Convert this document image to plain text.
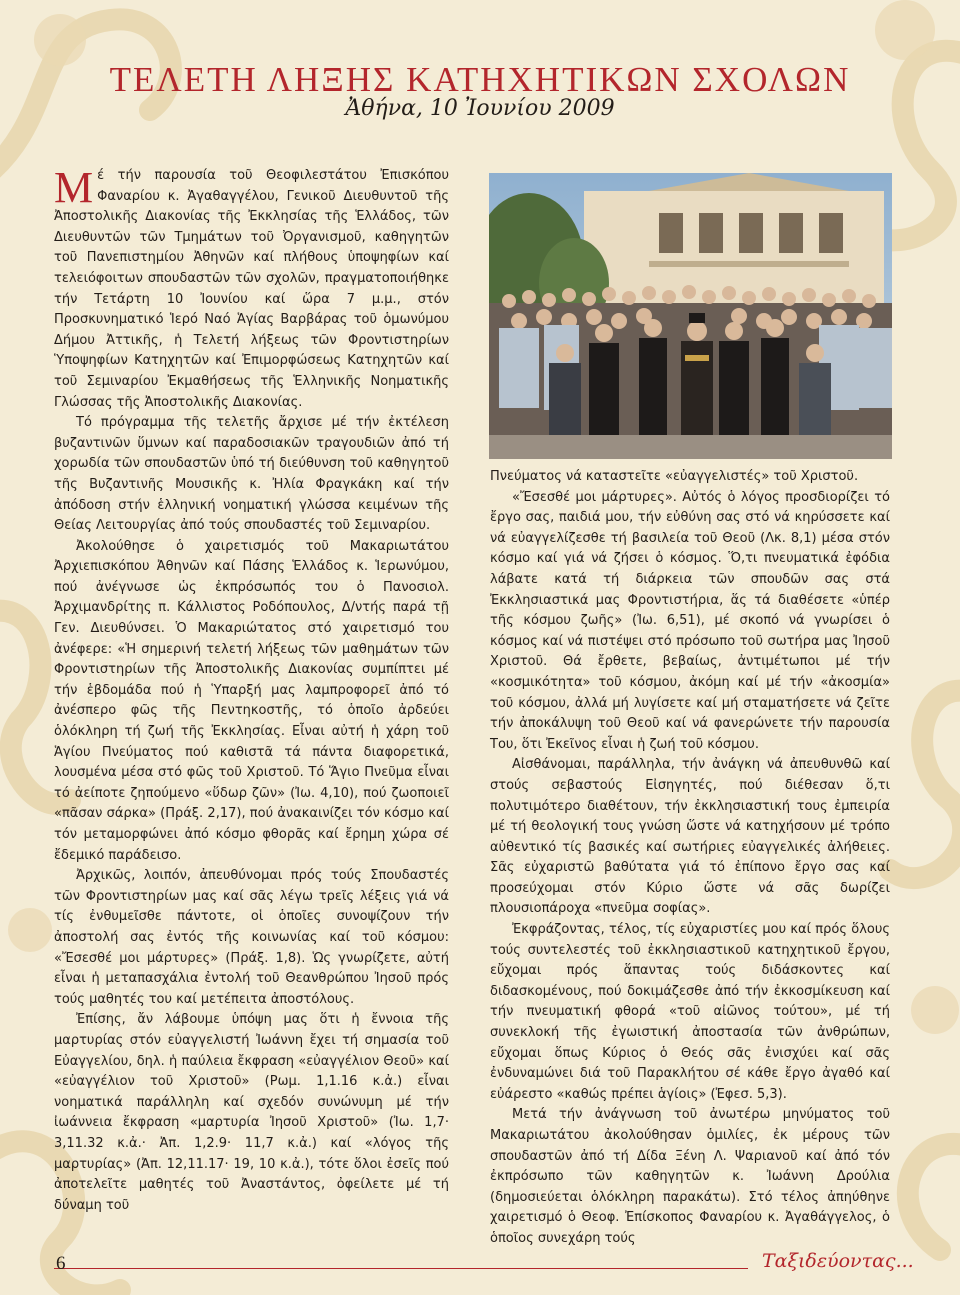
ΤΕΛΕΤΗ ΛΗΞΗΣ ΚΑΤΗΧΗΤΙΚΩΝ ΣΧΟΛΩΝ
Ἀθήνα, 10 Ἰουνίου 2009

Μέ τήν παρουσία τοῦ Θεοφιλεστάτου Ἐπισκόπου Φαναρίου κ. Ἀγαθαγγέλου, Γενικοῦ Διευθυντοῦ τῆς Ἀποστολικῆς Διακονίας τῆς Ἐκκλησίας τῆς Ἑλλάδος, τῶν Διευθυντῶν τῶν Τμημάτων τοῦ Ὀργανισμοῦ, καθηγητῶν τοῦ Πανεπιστημίου Ἀθηνῶν καί πλήθους ὑποψηφίων καί τελειόφοιτων σπουδαστῶν τῶν σχολῶν, πραγματοποιήθηκε τήν Τετάρτη 10 Ἰουνίου καί ὥρα 7 μ.μ., στόν Προσκυνηματικό Ἱερό Ναό Ἁγίας Βαρβάρας τοῦ ὁμωνύμου Δήμου Ἀττικῆς, ἡ Τελετή λήξεως τῶν Φροντιστηρίων Ὑποψηφίων Κατηχητῶν καί Ἐπιμορφώσεως Κατηχητῶν καί τοῦ Σεμιναρίου Ἐκμαθήσεως τῆς Ἑλληνικῆς Νοηματικῆς Γλώσσας τῆς Ἀποστολικῆς Διακονίας.

Τό πρόγραμμα τῆς τελετῆς ἄρχισε μέ τήν ἐκτέλεση βυζαντινῶν ὕμνων καί παραδοσιακῶν τραγουδιῶν ἀπό τή χορωδία τῶν σπουδαστῶν ὑπό τή διεύθυνση τοῦ καθηγητοῦ τῆς Βυζαντινῆς Μουσικῆς κ. Ἠλία Φραγκάκη καί τήν ἀπόδοση στήν ἑλληνική νοηματική γλώσσα κειμένων τῆς Θείας Λειτουργίας ἀπό τούς σπουδαστές τοῦ Σεμιναρίου.

Ἀκολούθησε ὁ χαιρετισμός τοῦ Μακαριωτάτου Ἀρχιεπισκόπου Ἀθηνῶν καί Πάσης Ἑλλάδος κ. Ἱερωνύμου, πού ἀνέγνωσε ὡς ἐκπρόσωπός του ὁ Πανοσιολ. Ἀρχιμανδρίτης π. Κάλλιστος Ροδόπουλος, Δ/ντής παρά τῇ Γεν. Διευθύνσει. Ὁ Μακαριώτατος στό χαιρετισμό του ἀνέφερε: «Ἡ σημερινή τελετή λήξεως τῶν μαθημάτων τῶν Φροντιστηρίων τῆς Ἀποστολικῆς Διακονίας συμπίπτει μέ τήν ἑβδομάδα πού ἡ Ὑπαρξή μας λαμπροφορεῖ ἀπό τό ἀνέσπερο φῶς τῆς Πεντηκοστῆς, τό ὁποῖο ἀρδεύει ὁλόκληρη τή ζωή τῆς Ἐκκλησίας. Εἶναι αὐτή ἡ χάρη τοῦ Ἁγίου Πνεύματος πού καθιστᾶ τά πάντα διαφορετικά, λουσμένα μέσα στό φῶς τοῦ Χριστοῦ. Τό Ἅγιο Πνεῦμα εἶναι τό ἀείποτε ζηπούμενο «ὕδωρ ζῶν» (Ἰω. 4,10), πού ζωοποιεῖ «πᾶσαν σάρκα» (Πράξ. 2,17), πού ἀνακαινίζει τόν κόσμο καί τόν μεταμορφώνει ἀπό κόσμο φθορᾶς καί ἔρημη χώρα σέ ἔδεμικό παράδεισο.

Ἀρχικῶς, λοιπόν, ἀπευθύνομαι πρός τούς Σπουδαστές τῶν Φροντιστηρίων μας καί σᾶς λέγω τρεῖς λέξεις γιά νά τίς ἐνθυμεῖσθε πάντοτε, οἱ ὁποῖες συνοψίζουν τήν ἀποστολή σας ἐντός τῆς κοινωνίας καί τοῦ κόσμου: «Ἔσεσθέ μοι μάρτυρες» (Πράξ. 1,8). Ὡς γνωρίζετε, αὐτή εἶναι ἡ μεταπασχάλια ἐντολή τοῦ Θεανθρώπου Ἰησοῦ πρός τούς μαθητές του καί μετέπειτα ἀποστόλους.

Ἐπίσης, ἄν λάβουμε ὑπόψη μας ὅτι ἡ ἔννοια τῆς μαρτυρίας στόν εὐαγγελιστή Ἰωάννη ἔχει τή σημασία τοῦ Εὐαγγελίου, δηλ. ἡ παύλεια ἔκφραση «εὐαγγέλιον Θεοῦ» καί «εὐαγγέλιον τοῦ Χριστοῦ» (Ρωμ. 1,1.16 κ.ἀ.) εἶναι νοηματικά παράλληλη καί σχεδόν συνώνυμη μέ τήν ἰωάννεια ἔκφραση «μαρτυρία Ἰησοῦ Χριστοῦ» (Ἰω. 1,7· 3,11.32 κ.ἀ.· Ἀπ. 1,2.9· 11,7 κ.ἀ.) καί «λόγος τῆς μαρτυρίας» (Ἀπ. 12,11.17· 19, 10 κ.ἀ.), τότε ὅλοι ἐσεῖς πού ἀποτελεῖτε μαθητές τοῦ Ἀναστάντος, ὀφείλετε μέ τή δύναμη τοῦ

Πνεύματος νά καταστεῖτε «εὐαγγελιστές» τοῦ Χριστοῦ.

«Ἔσεσθέ μοι μάρτυρες». Αὐτός ὁ λόγος προσδιορίζει τό ἔργο σας, παιδιά μου, τήν εὐθύνη σας στό νά κηρύσσετε καί νά εὐαγγελίζεσθε τή βασιλεία τοῦ Θεοῦ (Λκ. 8,1) μέσα στόν κόσμο καί γιά νά ζήσει ὁ κόσμος. Ὅ,τι πνευματικά ἐφόδια λάβατε κατά τή διάρκεια τῶν σπουδῶν σας στά Ἐκκλησιαστικά μας Φροντιστήρια, ἅς τά διαθέσετε «ὑπέρ τῆς κόσμου ζωῆς» (Ἰω. 6,51), μέ σκοπό νά γνωρίσει ὁ κόσμος καί νά πιστέψει στό πρόσωπο τοῦ σωτήρα μας Ἰησοῦ Χριστοῦ. Θά ἔρθετε, βεβαίως, ἀντιμέτωποι μέ τήν «κοσμικότητα» τοῦ κόσμου, ἀκόμη καί μέ τήν «ἀκοσμία» τοῦ κόσμου, ἀλλά μή λυγίσετε καί μή σταματήσετε νά ζεῖτε τήν ἀποκάλυψη τοῦ Θεοῦ καί νά φανερώνετε τήν παρουσία Του, ὅτι Ἐκεῖνος εἶναι ἡ ζωή τοῦ κόσμου.

Αἰσθάνομαι, παράλληλα, τήν ἀνάγκη νά ἀπευθυνθῶ καί στούς σεβαστούς Εἰσηγητές, πού διέθεσαν ὅ,τι πολυτιμότερο διαθέτουν, τήν ἐκκλησιαστική τους ἐμπειρία μέ τή θεολογική τους γνώση ὥστε νά κατηχήσουν μέ τρόπο αὐθεντικό τίς βασικές καί σωτήριες εὐαγγελικές ἀλήθειες. Σᾶς εὐχαριστῶ βαθύτατα γιά τό ἐπίπονο ἔργο σας καί προσεύχομαι στόν Κύριο ὥστε νά σᾶς δωρίζει πλουσιοπάροχα «πνεῦμα σοφίας».

Ἐκφράζοντας, τέλος, τίς εὐχαριστίες μου καί πρός ὅλους τούς συντελεστές τοῦ ἐκκλησιαστικοῦ κατηχητικοῦ ἔργου, εὔχομαι πρός ἅπαντας τούς διδάσκοντες καί διδασκομένους, πού δοκιμάζεσθε ἀπό τήν ἐκκοσμίκευση καί τήν πνευματική φθορά «τοῦ αἰῶνος τούτου», μέ τή συνεκλοκή τῆς ἐγωιστική ἀποστασία τῶν ἀνθρώπων, εὔχομαι ὅπως Κύριος ὁ Θεός σᾶς ἐνισχύει καί σᾶς ἐνδυναμώνει διά τοῦ Παρακλήτου σέ κάθε ἔργο ἀγαθό καί εὐάρεστο «καθώς πρέπει ἁγίοις» (Ἐφεσ. 5,3).

Μετά τήν ἀνάγνωση τοῦ ἀνωτέρω μηνύματος τοῦ Μακαριωτάτου ἀκολούθησαν ὁμιλίες, ἐκ μέρους τῶν σπουδαστῶν ἀπό τή Δίδα Ξένη Λ. Ψαριανοῦ καί ἀπό τόν ἐκπρόσωπο τῶν καθηγητῶν κ. Ἰωάννη Δρούλια (δημοσιεύεται ὁλόκληρη παρακάτω). Στό τέλος ἀπηύθηνε χαιρετισμό ὁ Θεοφ. Ἐπίσκοπος Φαναρίου κ. Ἀγαθάγγελος, ὁ ὁποῖος συνεχάρη τούς

6	Ταξιδεύοντας...
